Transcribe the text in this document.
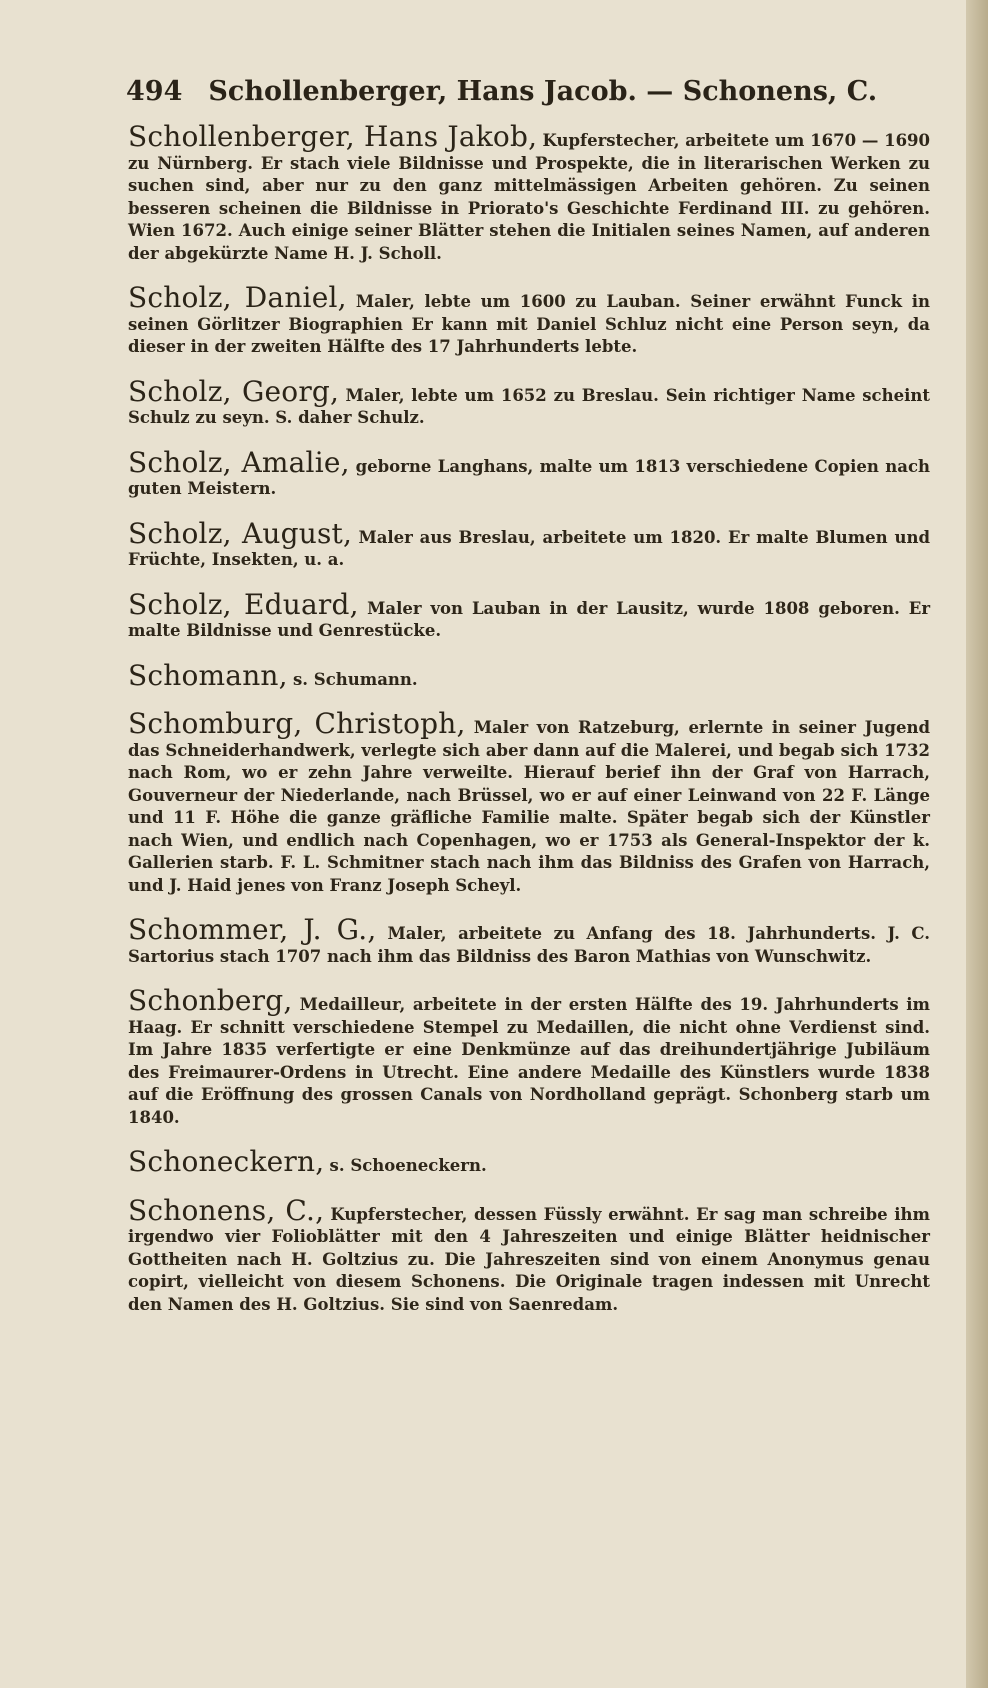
494 Schollenberger, Hans Jacob. — Schonens, C.
Schollenberger, Hans Jakob, Kupferstecher, arbeitete um 1670 — 1690 zu Nürnberg. Er stach viele Bildnisse und Prospekte, die in literarischen Werken zu suchen sind, aber nur zu den ganz mittelmässigen Arbeiten gehören. Zu seinen besseren scheinen die Bildnisse in Priorato's Geschichte Ferdinand III. zu gehören. Wien 1672. Auch einige seiner Blätter stehen die Initialen seines Namen, auf anderen der abgekürzte Name H. J. Scholl.
Scholz, Daniel, Maler, lebte um 1600 zu Lauban. Seiner erwähnt Funck in seinen Görlitzer Biographien Er kann mit Daniel Schluz nicht eine Person seyn, da dieser in der zweiten Hälfte des 17 Jahrhunderts lebte.
Scholz, Georg, Maler, lebte um 1652 zu Breslau. Sein richtiger Name scheint Schulz zu seyn. S. daher Schulz.
Scholz, Amalie, geborne Langhans, malte um 1813 verschiedene Copien nach guten Meistern.
Scholz, August, Maler aus Breslau, arbeitete um 1820. Er malte Blumen und Früchte, Insekten, u. a.
Scholz, Eduard, Maler von Lauban in der Lausitz, wurde 1808 geboren. Er malte Bildnisse und Genrestücke.
Schomann, s. Schumann.
Schomburg, Christoph, Maler von Ratzeburg, erlernte in seiner Jugend das Schneiderhandwerk, verlegte sich aber dann auf die Malerei, und begab sich 1732 nach Rom, wo er zehn Jahre verweilte. Hierauf berief ihn der Graf von Harrach, Gouverneur der Niederlande, nach Brüssel, wo er auf einer Leinwand von 22 F. Länge und 11 F. Höhe die ganze gräfliche Familie malte. Später begab sich der Künstler nach Wien, und endlich nach Copenhagen, wo er 1753 als General-Inspektor der k. Gallerien starb. F. L. Schmitner stach nach ihm das Bildniss des Grafen von Harrach, und J. Haid jenes von Franz Joseph Scheyl.
Schommer, J. G., Maler, arbeitete zu Anfang des 18. Jahrhunderts. J. C. Sartorius stach 1707 nach ihm das Bildniss des Baron Mathias von Wunschwitz.
Schonberg, Medailleur, arbeitete in der ersten Hälfte des 19. Jahrhunderts im Haag. Er schnitt verschiedene Stempel zu Medaillen, die nicht ohne Verdienst sind. Im Jahre 1835 verfertigte er eine Denkmünze auf das dreihundertjährige Jubiläum des Freimaurer-Ordens in Utrecht. Eine andere Medaille des Künstlers wurde 1838 auf die Eröffnung des grossen Canals von Nordholland geprägt. Schonberg starb um 1840.
Schoneckern, s. Schoeneckern.
Schonens, C., Kupferstecher, dessen Füssly erwähnt. Er sag man schreibe ihm irgendwo vier Folioblätter mit den 4 Jahreszeiten und einige Blätter heidnischer Gottheiten nach H. Goltzius zu. Die Jahreszeiten sind von einem Anonymus genau copirt, vielleicht von diesem Schonens. Die Originale tragen indessen mit Unrecht den Namen des H. Goltzius. Sie sind von Saenredam.
